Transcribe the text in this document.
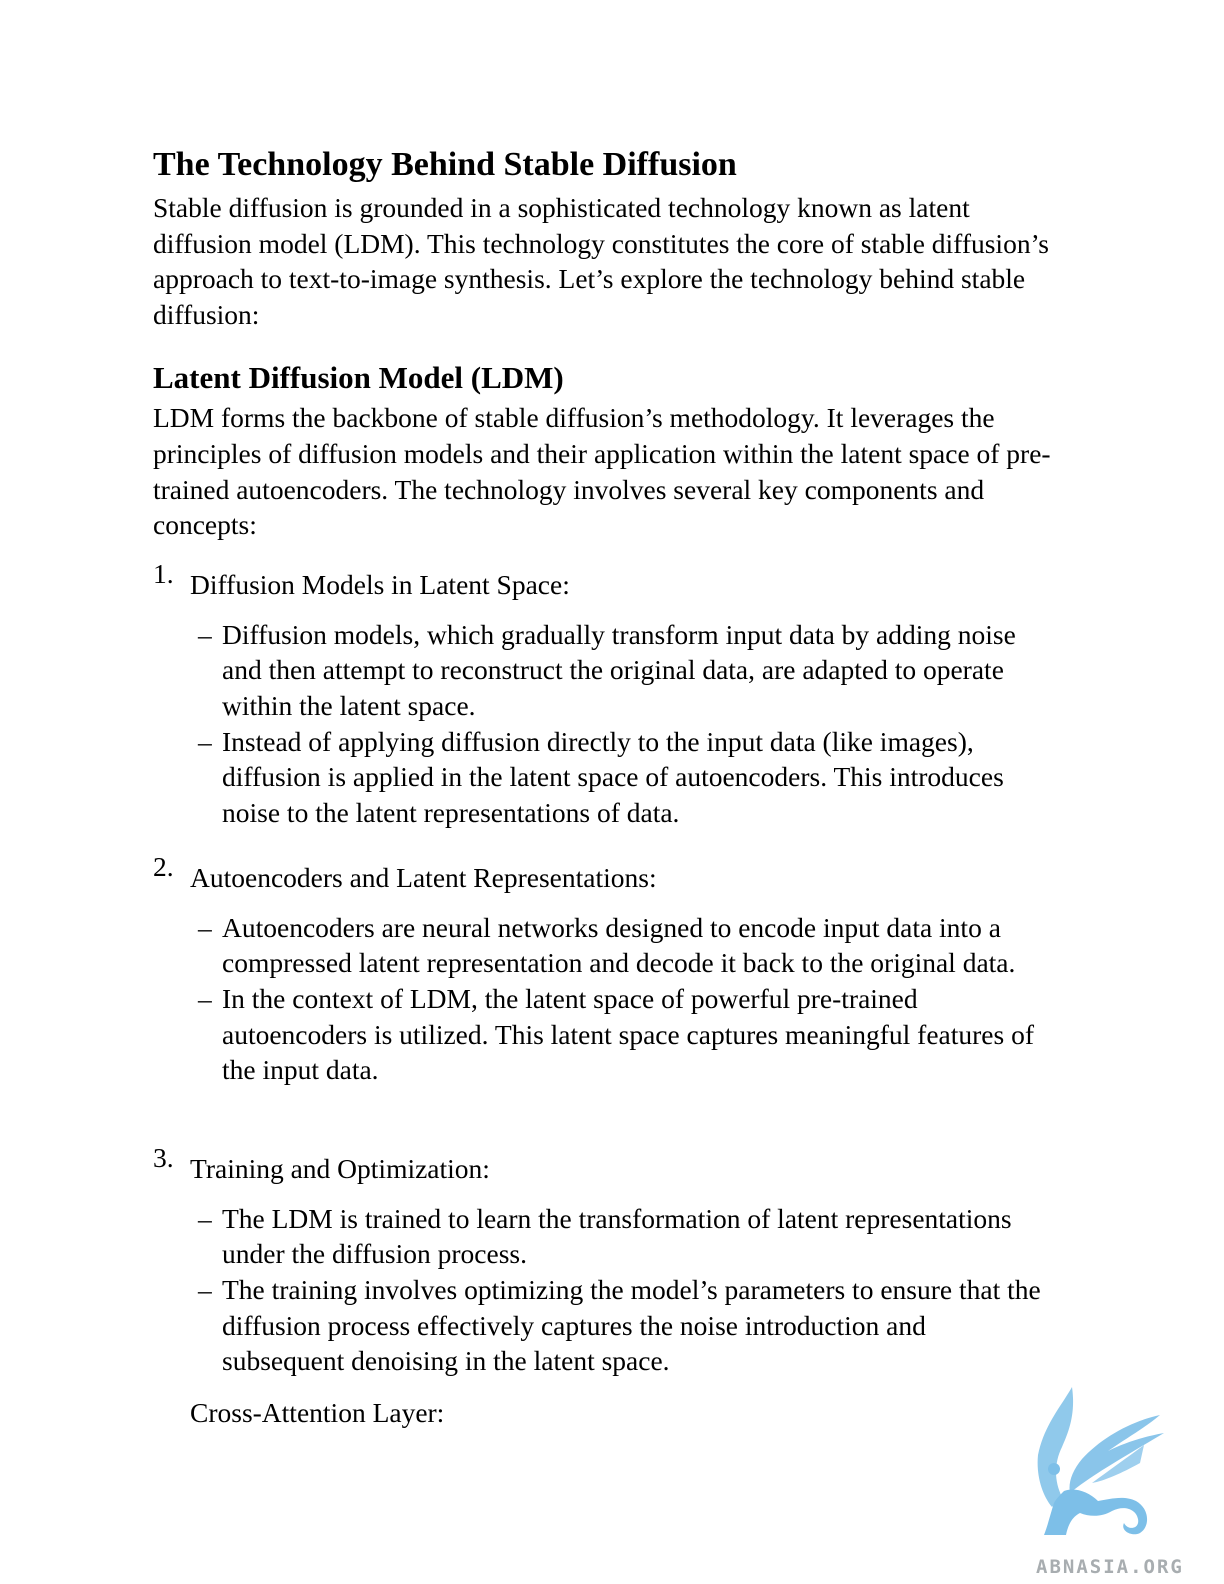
The Technology Behind Stable Diffusion

Stable diffusion is grounded in a sophisticated technology known as latent diffusion model (LDM). This technology constitutes the core of stable diffusion’s approach to text-to-image synthesis. Let’s explore the technology behind stable diffusion:

Latent Diffusion Model (LDM)

LDM forms the backbone of stable diffusion’s methodology. It leverages the principles of diffusion models and their application within the latent space of pre-trained autoencoders. The technology involves several key components and concepts:

1. Diffusion Models in Latent Space:
– Diffusion models, which gradually transform input data by adding noise and then attempt to reconstruct the original data, are adapted to operate within the latent space.
– Instead of applying diffusion directly to the input data (like images), diffusion is applied in the latent space of autoencoders. This introduces noise to the latent representations of data.
2. Autoencoders and Latent Representations:
– Autoencoders are neural networks designed to encode input data into a compressed latent representation and decode it back to the original data.
– In the context of LDM, the latent space of powerful pre-trained autoencoders is utilized. This latent space captures meaningful features of the input data.
3. Training and Optimization:
– The LDM is trained to learn the transformation of latent representations under the diffusion process.
– The training involves optimizing the model’s parameters to ensure that the diffusion process effectively captures the noise introduction and subsequent denoising in the latent space.
Cross-Attention Layer:
ABNASIA.ORG
